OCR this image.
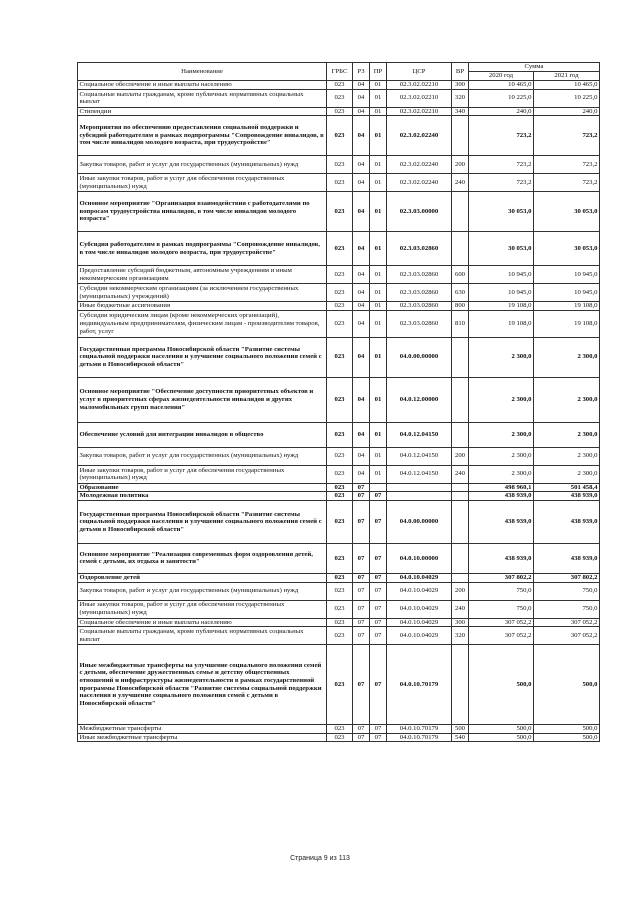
Наименование	ГРБС	РЗ	ПР	ЦСР	ВР	Сумма	
						2020 год	2021 год
Социальное обеспечение и иные выплаты населению	023	04	01	02.3.02.02210	300	10 465,0	10 465,0
Социальные выплаты гражданам, кроме публичных нормативных социальных выплат	023	04	01	02.3.02.02210	320	10 225,0	10 225,0
Стипендии	023	04	01	02.3.02.02210	340	240,0	240,0
Мероприятия по обеспечению предоставления социальной поддержки и субсидий работодателям в рамках подпрограммы "Сопровождение инвалидов, в том числе инвалидов молодого возраста, при трудоустройстве"	023	04	01	02.3.02.02240		723,2	723,2
Закупка товаров, работ и услуг для государственных (муниципальных) нужд	023	04	01	02.3.02.02240	200	723,2	723,2
Иные закупки товаров, работ и услуг для обеспечения государственных (муниципальных) нужд	023	04	01	02.3.02.02240	240	723,2	723,2
Основное мероприятие "Организация взаимодействия с работодателями по вопросам трудоустройства инвалидов, в том числе инвалидов молодого возраста"	023	04	01	02.3.03.00000		30 053,0	30 053,0
Субсидия работодателям в рамках подпрограммы "Сопровождение инвалидов, в том числе инвалидов молодого возраста, при трудоустройстве"	023	04	01	02.3.03.02860		30 053,0	30 053,0
Предоставление субсидий бюджетным, автономным учреждениям и иным некоммерческим организациям	023	04	01	02.3.03.02860	600	10 945,0	10 945,0
Субсидии некоммерческим организациям (за исключением государственных (муниципальных) учреждений)	023	04	01	02.3.03.02860	630	10 945,0	10 945,0
Иные бюджетные ассигнования	023	04	01	02.3.03.02860	800	19 108,0	19 108,0
Субсидии юридическим лицам (кроме некоммерческих организаций), индивидуальным предпринимателям, физическим лицам - производителям товаров, работ, услуг	023	04	01	02.3.03.02860	810	19 108,0	19 108,0
Государственная программа Новосибирской области "Развитие системы социальной поддержки населения и улучшение социального положения семей с детьми в Новосибирской области"	023	04	01	04.0.00.00000		2 300,0	2 300,0
Основное мероприятие "Обеспечение доступности приоритетных объектов и услуг в приоритетных сферах жизнедеятельности инвалидов и других маломобильных групп населения"	023	04	01	04.0.12.00000		2 300,0	2 300,0
Обеспечение условий для интеграции инвалидов в общество	023	04	01	04.0.12.04150		2 300,0	2 300,0
Закупка товаров, работ и услуг для государственных (муниципальных) нужд	023	04	01	04.0.12.04150	200	2 300,0	2 300,0
Иные закупки товаров, работ и услуг для обеспечения государственных (муниципальных) нужд	023	04	01	04.0.12.04150	240	2 300,0	2 300,0
Образование	023	07				498 960,1	501 458,4
Молодежная политика	023	07	07			438 939,0	438 939,0
Государственная программа Новосибирской области "Развитие системы социальной поддержки населения и улучшение социального положения семей с детьми в Новосибирской области"	023	07	07	04.0.00.00000		438 939,0	438 939,0
Основное мероприятие "Реализация современных форм оздоровления детей, семей с детьми, их отдыха и занятости"	023	07	07	04.0.10.00000		438 939,0	438 939,0
Оздоровление детей	023	07	07	04.0.10.04029		307 802,2	307 802,2
Закупка товаров, работ и услуг для государственных (муниципальных) нужд	023	07	07	04.0.10.04029	200	750,0	750,0
Иные закупки товаров, работ и услуг для обеспечения государственных (муниципальных) нужд	023	07	07	04.0.10.04029	240	750,0	750,0
Социальное обеспечение и иные выплаты населению	023	07	07	04.0.10.04029	300	307 052,2	307 052,2
Социальные выплаты гражданам, кроме публичных нормативных социальных выплат	023	07	07	04.0.10.04029	320	307 052,2	307 052,2
Иные межбюджетные трансферты на улучшение социального положения семей с детьми, обеспечение дружественных семье и детству общественных отношений и инфраструктуры жизнедеятельности в рамках государственной программы Новосибирской области "Развитие системы социальной поддержки населения и улучшение социального положения семей с детьми в Новосибирской области"	023	07	07	04.0.10.70179		500,0	500,0
Межбюджетные трансферты	023	07	07	04.0.10.70179	500	500,0	500,0
Иные межбюджетные трансферты	023	07	07	04.0.10.70179	540	500,0	500,0
Страница 9 из 113
